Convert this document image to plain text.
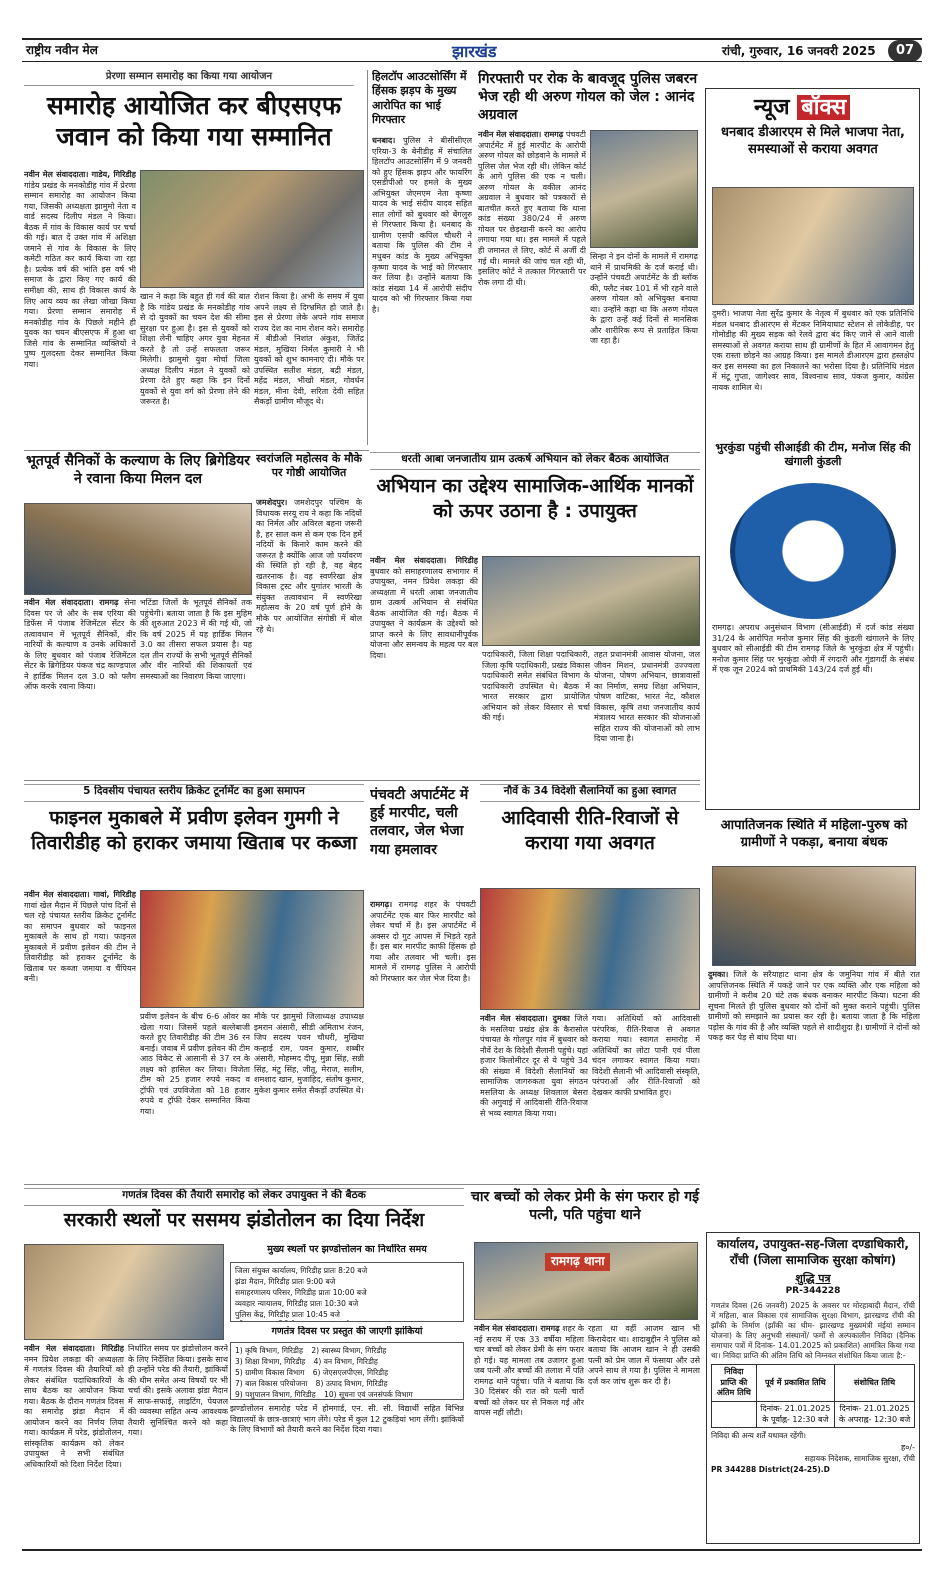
राष्ट्रीय नवीन मेल	झारखंड	रांची, गुरुवार, 16 जनवरी 2025	07
प्रेरणा सम्मान समारोह का किया गया आयोजन
समारोह आयोजित कर बीएसएफ जवान को किया गया सम्मानित
नवीन मेल संवाददाता। गाडेय, गिरिडीह गांडेय प्रखंड के मनकोडीह गांव में प्रेरणा सम्मान समारोह का आयोजन किया गया, जिसकी अध्यक्षता झामुमो नेता व वार्ड सदस्य दिलीप मंडल ने किया। बैठक में गांव के विकास कार्य पर चर्चा की गई। बात दें उक्त गांव में अशिक्षा जमाने से गांव के विकास के लिए कमेटी गठित कर कार्य किया जा रहा है। प्रत्येक वर्ष की भांति इस वर्ष भी समाज के द्वारा किए गए कार्य की समीक्षा की, साथ ही विकास कार्य के लिए आय व्यय का लेखा जोखा किया गया। प्रेरणा सम्मान समारोह में मनकोडीह गांव के पिछले महीने ही युवक का चयन बीएसएफ में हुआ था जिसे गांव के सम्मानित व्यक्तियों ने पुष्प गुलदस्ता देकर सम्मानित किया गया।
खान ने कहा कि बहुत ही गर्व की बात है कि गांडेय प्रखंड के मनकोडीह गांव से दो युवकों का चयन देश की सीमा सुरक्षा पर हुआ है। इस से युवकों को शिक्षा लेनी चाहिए अगर युवा मेहनत करते है तो उन्हें सफलता जरूर मिलेगी। झामुमो युवा मोर्चा जिला अध्यक्ष दिलीप मंडल ने युवकों को प्रेरणा देते हुए कहा कि इन दिनों युवकों से युवा वर्ग को प्रेरणा लेने की जरूरत है।
रोशन किया है। अभी के समय में युवा अपने लक्ष्य से दिग्भ्रमित हो जाते है। इस से प्रेरणा लेके अपने गांव समाज राज्य देश का नाम रोशन करे। समारोह में बीडीओ निशांत अंकुश, जितेंद्र मंडल, मुखिया निर्मल कुमारी ने भी युवकों को शुभ कामनाएं दी। मौके पर उपस्थित सतीश मंडल, बद्री मंडल, महेंद्र मंडल, भीखो मंडल, गोवर्धन मंडल, मीना देवी, सरिता देवी सहित सैकड़ों ग्रामीण मौजूद थे।
हिलटॉप आउटसोर्सिंग में हिंसक झड़प के मुख्य आरोपित का भाई गिरफ्तार
धनबाद। पुलिस ने बीसीसीएल एरिया-3 के बेनीडीह में संचालित हिलटॉप आउटसोर्सिंग में 9 जनवरी को हुए हिंसक झड़प और फायरिंग एसडीपीओ पर हमले के मुख्य अभियुक्त जेएमएम नेता कृष्णा यादव के भाई संदीप यादव सहित सात लोगों को बुधवार को बेंगलुरु से गिरफ्तार किया है। धनबाद के ग्रामीण एसपी कपिल चौधरी ने बताया कि पुलिस की टीम ने मधुबन कांड के मुख्य अभियुक्त कृष्णा यादव के भाई को गिरफ्तार कर लिया है। उन्होंने बताया कि कांड संख्या 14 में आरोपी संदीप यादव को भी गिरफ्तार किया गया है।
गिरफ्तारी पर रोक के बावजूद पुलिस जबरन भेज रही थी अरुण गोयल को जेल : आनंद अग्रवाल
नवीन मेल संवाददाता। रामगढ़ पंचवटी अपार्टमेंट में हुई मारपीट के आरोपी अरुण गोयल को छोड़वाने के मामले में पुलिस जेल भेज रही थी। लेकिन कोर्ट के आगे पुलिस की एक न चली। अरुण गोयल के वकील आनंद अग्रवाल ने बुधवार को पत्रकारों से बातचीत करते हुए बताया कि थाना कांड संख्या 380/24 में अरुण गोयल पर छेड़खानी करने का आरोप लगाया गया था। इस मामले में पहले ही जमानत ले लिए, कोर्ट में अर्जी दी गई थी। मामले की जांच चल रही थी, इसलिए कोर्ट ने तत्काल गिरफ्तारी पर रोक लगा दी थी।
सिन्हा ने इन दोनों के मामले में रामगढ़ थाने में प्राथमिकी के दर्ज कराई थी। उन्होंने पंचवटी अपार्टमेंट के डी ब्लॉक की, फ्लैट नंबर 101 में भी रहने वाले अरुण गोयल को अभियुक्त बनाया था। उन्होंने कहा था कि अरुण गोयल के द्वारा उन्हें कई दिनों से मानसिक और शारीरिक रूप से प्रताड़ित किया जा रहा है।
न्यूज बॉक्स
धनबाद डीआरएम से मिले भाजपा नेता, समस्याओं से कराया अवगत
दुमरी। भाजपा नेता सुरेंद्र कुमार के नेतृत्व में बुधवार को एक प्रतिनिधि मंडल धनबाद डीआरएम से मेंटकर निमियाघाट स्टेशन से लोकेडीह, पर गोमोडीह की मुख्य सड़क को रेलवे द्वारा बंद किए जाने से आने वाली समस्याओं से अवगत कराया साथ ही ग्रामीणों के हित में आवागमन हेतु एक रास्ता छोड़ने का आग्रह किया। इस मामले डीआरएम द्वारा हस्तक्षेप कर इस समस्या का हल निकालने का भरोसा दिया है। प्रतिनिधि मंडल में मंटू गुप्ता, जागेश्वर साव, विश्वनाथ साव, पंकज कुमार, कांग्रेस नायक शामिल थे।
भुरकुंडा पहुंची सीआईडी की टीम, मनोज सिंह की खंगाली कुंडली
CID
रामगढ़। अपराध अनुसंधान विभाग (सीआईडी) में दर्ज कांड संख्या 31/24 के आरोपित मनोज कुमार सिंह की कुंडली खंगालने के लिए बुधवार को सीआईडी की टीम रामगढ़ जिले के भुरकुंडा क्षेत्र में पहुंची। मनोज कुमार सिंह पर भुरकुंडा ओपी में रंगदारी और गुंडागर्दी के संबंध में एक जून 2024 को प्राथमिकी 143/24 दर्ज हुई थी।
भूतपूर्व सैनिकों के कल्याण के लिए ब्रिगेडियर ने रवाना किया मिलन दल
नवीन मेल संवाददाता। रामगढ़ सेना दिवस पर जे और के सब एरिया की डिफेंस में पंजाब रेजिमेंटल सेंटर के तत्वावधान में भूतपूर्व सैनिकों, वीर नारियों के कल्याण व उनके अधिकारों के लिए बुधवार को पंजाब रेजिमेंटल सेंटर के ब्रिगेडियर पंकज चंद्र काण्डपाल ने हार्डिक मिलन दल 3.0 को फ्लैग ऑफ करके रवाना किया।
भटिंडा जिलों के भूतपूर्व सैनिकों तक पहुंचेगी। बताया जाता है कि इस मुहिम की शुरुआत 2023 में की गई थी, जो कि वर्ष 2025 में यह हार्डिक मिलन 3.0 का तीसरा सफल प्रयास है। यह दल तीन राज्यों के सभी भूतपूर्व सैनिकों और वीर नारियों की शिकायतों एवं समस्याओं का निवारण किया जाएगा।
स्वरांजलि महोत्सव के मौके पर गोष्ठी आयोजित
जमशेदपुर। जमशेदपुर पश्चिम के विधायक सरयू राय ने कहा कि नदियों का निर्मल और अविरल बहना जरूरी है, हर साल कम से कम एक दिन हमें नदियों के किनारे काम करने की जरूरत है क्योंकि आज जो पर्यावरण की स्थिति हो रही है, वह बेहद खतरनाक है। वह स्वर्णरेखा क्षेत्र विकास ट्रस्ट और युगांतर भारती के संयुक्त तत्वावधान में स्वर्णरेखा महोत्सव के 20 वर्ष पूर्ण होने के मौके पर आयोजित संगोष्ठी में बोल रहे थे।
धरती आबा जनजातीय ग्राम उत्कर्ष अभियान को लेकर बैठक आयोजित
अभियान का उद्देश्य सामाजिक-आर्थिक मानकों को ऊपर उठाना है : उपायुक्त
नवीन मेल संवाददाता। गिरिडीह बुधवार को समाहरणालय सभागार में उपायुक्त, नमन प्रियेश लकड़ा की अध्यक्षता में धरती आबा जनजातीय ग्राम उत्कर्ष अभियान से संबंधित बैठक आयोजित की गई। बैठक में उपायुक्त ने कार्यक्रम के उद्देश्यों को प्राप्त करने के लिए सावधानीपूर्वक योजना और समन्वय के महत्व पर बल दिया।	पदाधिकारी, जिला शिक्षा पदाधिकारी, जिला कृषि पदाधिकारी, प्रखंड विकास पदाधिकारी समेत संबंधित विभाग के पदाधिकारी उपस्थित थे। बैठक में भारत सरकार द्वारा प्रायोजित अभियान को लेकर विस्तार से चर्चा की गई।
तहत प्रधानमंत्री आवास योजना, जल जीवन मिशन, प्रधानमंत्री उज्ज्वला योजना, पोषण अभियान, छात्रावासों का निर्माण, समग्र शिक्षा अभियान, पोषण वाटिका, भारत नेट, कौशल विकास, कृषि तथा जनजातीय कार्य मंत्रालय भारत सरकार की योजनाओं सहित राज्य की योजनाओं को लाभ दिया जाना है।
5 दिवसीय पंचायत स्तरीय क्रिकेट टूर्नामेंट का हुआ समापन
फाइनल मुकाबले में प्रवीण इलेवन गुमगी ने तिवारीडीह को हराकर जमाया खिताब पर कब्जा
नवीन मेल संवाददाता। गावां, गिरिडीह गावां खेल मैदान में पिछले पांच दिनों से चल रहे पंचायत स्तरीय क्रिकेट टूर्नामेंट का समापन बुधवार को फाइनल मुकाबले के साथ हो गया। फाइनल मुकाबले में प्रवीण इलेवन की टीम ने तिवारीडीह को हराकर टूर्नामेंट के खिताब पर कब्जा जमाया व चैंपियन बनी।
प्रवीण इलेवन के बीच 6-6 ओवर का खेला गया। जिसमें पहले बल्लेबाजी करते हुए तिवारीडीह की टीम 36 रन बनाई। जवाब में प्रवीण इलेवन की टीम आठ विकेट से आसानी से 37 रन के लक्ष्य को हासिल कर लिया। विजेता टीम को 25 हजार रुपये नकद व ट्रॉफी एवं उपविजेता को 18 हजार रुपये व ट्रॉफी देकर सम्मानित किया गया।
मौके पर झामुमो जिलाध्यक्ष उपाध्यक्ष इमरान अंसारी, सीडी अमिताभ रंजन, जिप सदस्य पवन चौधरी, मुखिया कन्हाई राम, पवन कुमार, शब्बीर अंसारी, मोहम्मद दीपू, मुन्ना सिंह, सन्नी सिंह, मंटु सिंह, जीतू, मेराज, सलीम, शमशाद खान, मुजाहिद, संतोष कुमार, मुकेश कुमार समेत सैकड़ों उपस्थित थे।
पंचवटी अपार्टमेंट में हुई मारपीट, चली तलवार, जेल भेजा गया हमलावर
रामगढ़। रामगढ़ शहर के पंचवटी अपार्टमेंट एक बार फिर मारपीट को लेकर चर्चा में है। इस अपार्टमेंट में अक्सर दो गुट आपस में भिड़ते रहते हैं। इस बार मारपीट काफी हिंसक हो गया और तलवार भी चली। इस मामले में रामगढ़ पुलिस ने आरोपी को गिरफ्तार कर जेल भेज दिया है।
नौवें के 34 विदेशी सैलानियों का हुआ स्वागत
आदिवासी रीति-रिवाजों से कराया गया अवगत
नवीन मेल संवाददाता। दुमका जिले के मसलिया प्रखंड क्षेत्र के कैरासोल पंचायत के गोलपुर गांव में बुधवार को नौवें देश के विदेशी सैलानी पहुंचे। यहां हजार किलोमीटर दूर से ये पहुंचे 34 की संख्या में विदेशी सैलानियों का सामाजिक जागरुकता युवा संगठन मसलिया के अध्यक्ष शिवलाल बेसरा की अगुवाई में आदिवासी रीति-रिवाज से भव्य स्वागत किया गया।
गया। अतिथियों को आदिवासी परंपरिक, रीति-रिवाज से अवगत कराया गया। स्वागत समारोह में अतिथियों का लोटा पानी एवं पीला चंदन लगाकर स्वागत किया गया। विदेशी सैलानी भी आदिवासी संस्कृति, परंपराओं और रीति-रिवाजों को देखकर काफी प्रभावित हुए।
आपातिजनक स्थिति में महिला-पुरुष को ग्रामीणों ने पकड़ा, बनाया बंधक
दुमका। जिले के सरैयाहाट थाना क्षेत्र के जमुनिया गांव में बीते रात आपत्तिजनक स्थिति में पकड़े जाने पर एक व्यक्ति और एक महिला को ग्रामीणों ने करीब 20 घंटे तक बंधक बनाकर मारपीट किया। घटना की सूचना मिलते ही पुलिस बुधवार को दोनों को मुक्त कराने पहुंची। पुलिस ग्रामीणों को समझाने का प्रयास कर रही है। बताया जाता है कि महिला पड़ोस के गांव की है और व्यक्ति पहले से शादीशुदा है। ग्रामीणों ने दोनों को पकड़ कर पेड़ से बांध दिया था।
गणतंत्र दिवस की तैयारी समारोह को लेकर उपायुक्त ने की बैठक
सरकारी स्थलों पर ससमय झंडोतोलन का दिया निर्देश
नवीन मेल संवाददाता। गिरिडीह नमन प्रियेश लकड़ा की अध्यक्षता में गणतंत्र दिवस की तैयारियों को लेकर संबंधित पदाधिकारियों के साथ बैठक का आयोजन किया गया। बैठक के दौरान गणतंत्र दिवस का समारोह झंडा मैदान में आयोजन करने का निर्णय लिया गया। कार्यक्रम में परेड, झंडोतोलन, सांस्कृतिक कार्यक्रम को लेकर उपायुक्त ने सभी संबंधित अधिकारियों को दिशा निर्देश दिया।
निर्धारित समय पर झंडोत्तोलन करने के लिए निर्देशित किया। इसके साथ ही उन्होंने परेड की तैयारी, झांकियों की थीम समेत अन्य विषयों पर भी चर्चा की। इसके अलावा झंडा मैदान में साफ-सफाई, लाइटिंग, पेयजल की व्यवस्था सहित अन्य आवश्यक तैयारी सुनिश्चित करने को कहा गया।
मुख्य स्थलों पर झण्डोत्तोलन का निर्धारित समय
जिला संयुक्त कार्यालय, गिरिडीह प्रातः 8:20 बजे झंडा मैदान, गिरिडीह प्रातः 9:00 बजे समाहरणालय परिसर, गिरिडीह प्रातः 10:00 बजे व्यवहार न्यायालय, गिरिडीह प्रातः 10:30 बजे पुलिस केंद्र, गिरिडीह प्रातः 10:45 बजे
गणतंत्र दिवस पर प्रस्तुत की जाएगी झांकियां
1) कृषि विभाग, गिरिडीह 2) स्वास्थ्य विभाग, गिरिडीह 3) शिक्षा विभाग, गिरिडीह 4) वन विभाग, गिरिडीह 5) ग्रामीण विकास विभाग 6) जेएसएलपीएस, गिरिडीह 7) बाल विकास परियोजना 8) उत्पाद विभाग, गिरिडीह 9) पशुपालन विभाग, गिरिडीह 10) सूचना एवं जनसंपर्क विभाग
झण्डोत्तोलन समारोह परेड में होमगार्ड, एन. सी. सी. विद्यार्थी सहित विभिन्न विद्यालयों के छात्र-छात्राएं भाग लेंगे। परेड में कुल 12 टुकड़ियां भाग लेंगी। झांकियों के लिए विभागों को तैयारी करने का निर्देश दिया गया।
चार बच्चों को लेकर प्रेमी के संग फरार हो गई पत्नी, पति पहुंचा थाने
रामगढ़ थाना
नवीन मेल संवाददाता। रामगढ़ शहर के नई सराय में एक 33 वर्षीया महिला चार बच्चों को लेकर प्रेमी के संग फरार हो गई। यह मामला तब उजागर हुआ जब पत्नी और बच्चों की तलाश में पति रामगढ़ थाने पहुंचा। पति ने बताया कि 30 दिसंबर की रात को पत्नी चारों बच्चों को लेकर घर से निकल गई और वापस नहीं लौटी।
रहता था वहीं आजम खान भी किरायेदार था। शादाबुद्दीन ने पुलिस को बताया कि आजम खान ने ही उसकी पत्नी को प्रेम जाल में फंसाया और उसे अपने साथ ले गया है। पुलिस ने मामला दर्ज कर जांच शुरू कर दी है।
कार्यालय, उपायुक्त-सह-जिला दण्डाधिकारी, राँची (जिला सामाजिक सुरक्षा कोषांग)
शुद्धि पत्र
PR-344228
गणतंत्र दिवस (26 जनवरी) 2025 के अवसर पर मोरहाबादी मैदान, राँची में महिला, बाल विकास एवं सामाजिक सुरक्षा विभाग, झारखण्ड राँची की झाँकी के निर्माण (झाँकी का थीम- झारखण्ड मुख्यमंत्री मंईयां सम्मान योजना) के लिए अनुभवी संस्थानों/ फर्मों से अल्पकालीन निविदा (दैनिक समाचार पत्रों में दिनांक- 14.01.2025 को प्रकाशित) आमंत्रित किया गया था। निविदा प्राप्ति की अंतिम तिथि को निम्नवत संशोधित किया जाता है:-
निविदा प्राप्ति की अंतिम तिथि	पूर्व में प्रकाशित तिथि	संशोधित तिथि
	दिनांक- 21.01.2025 के पूर्वाह्न- 12:30 बजे	दिनांक- 21.01.2025 के अपराह्न- 12:30 बजे
निविदा की अन्य शर्तें यथावत रहेंगी।
ह०/-
सहायक निदेशक, सामाजिक सुरक्षा, राँची
PR 344288 District(24-25).D
